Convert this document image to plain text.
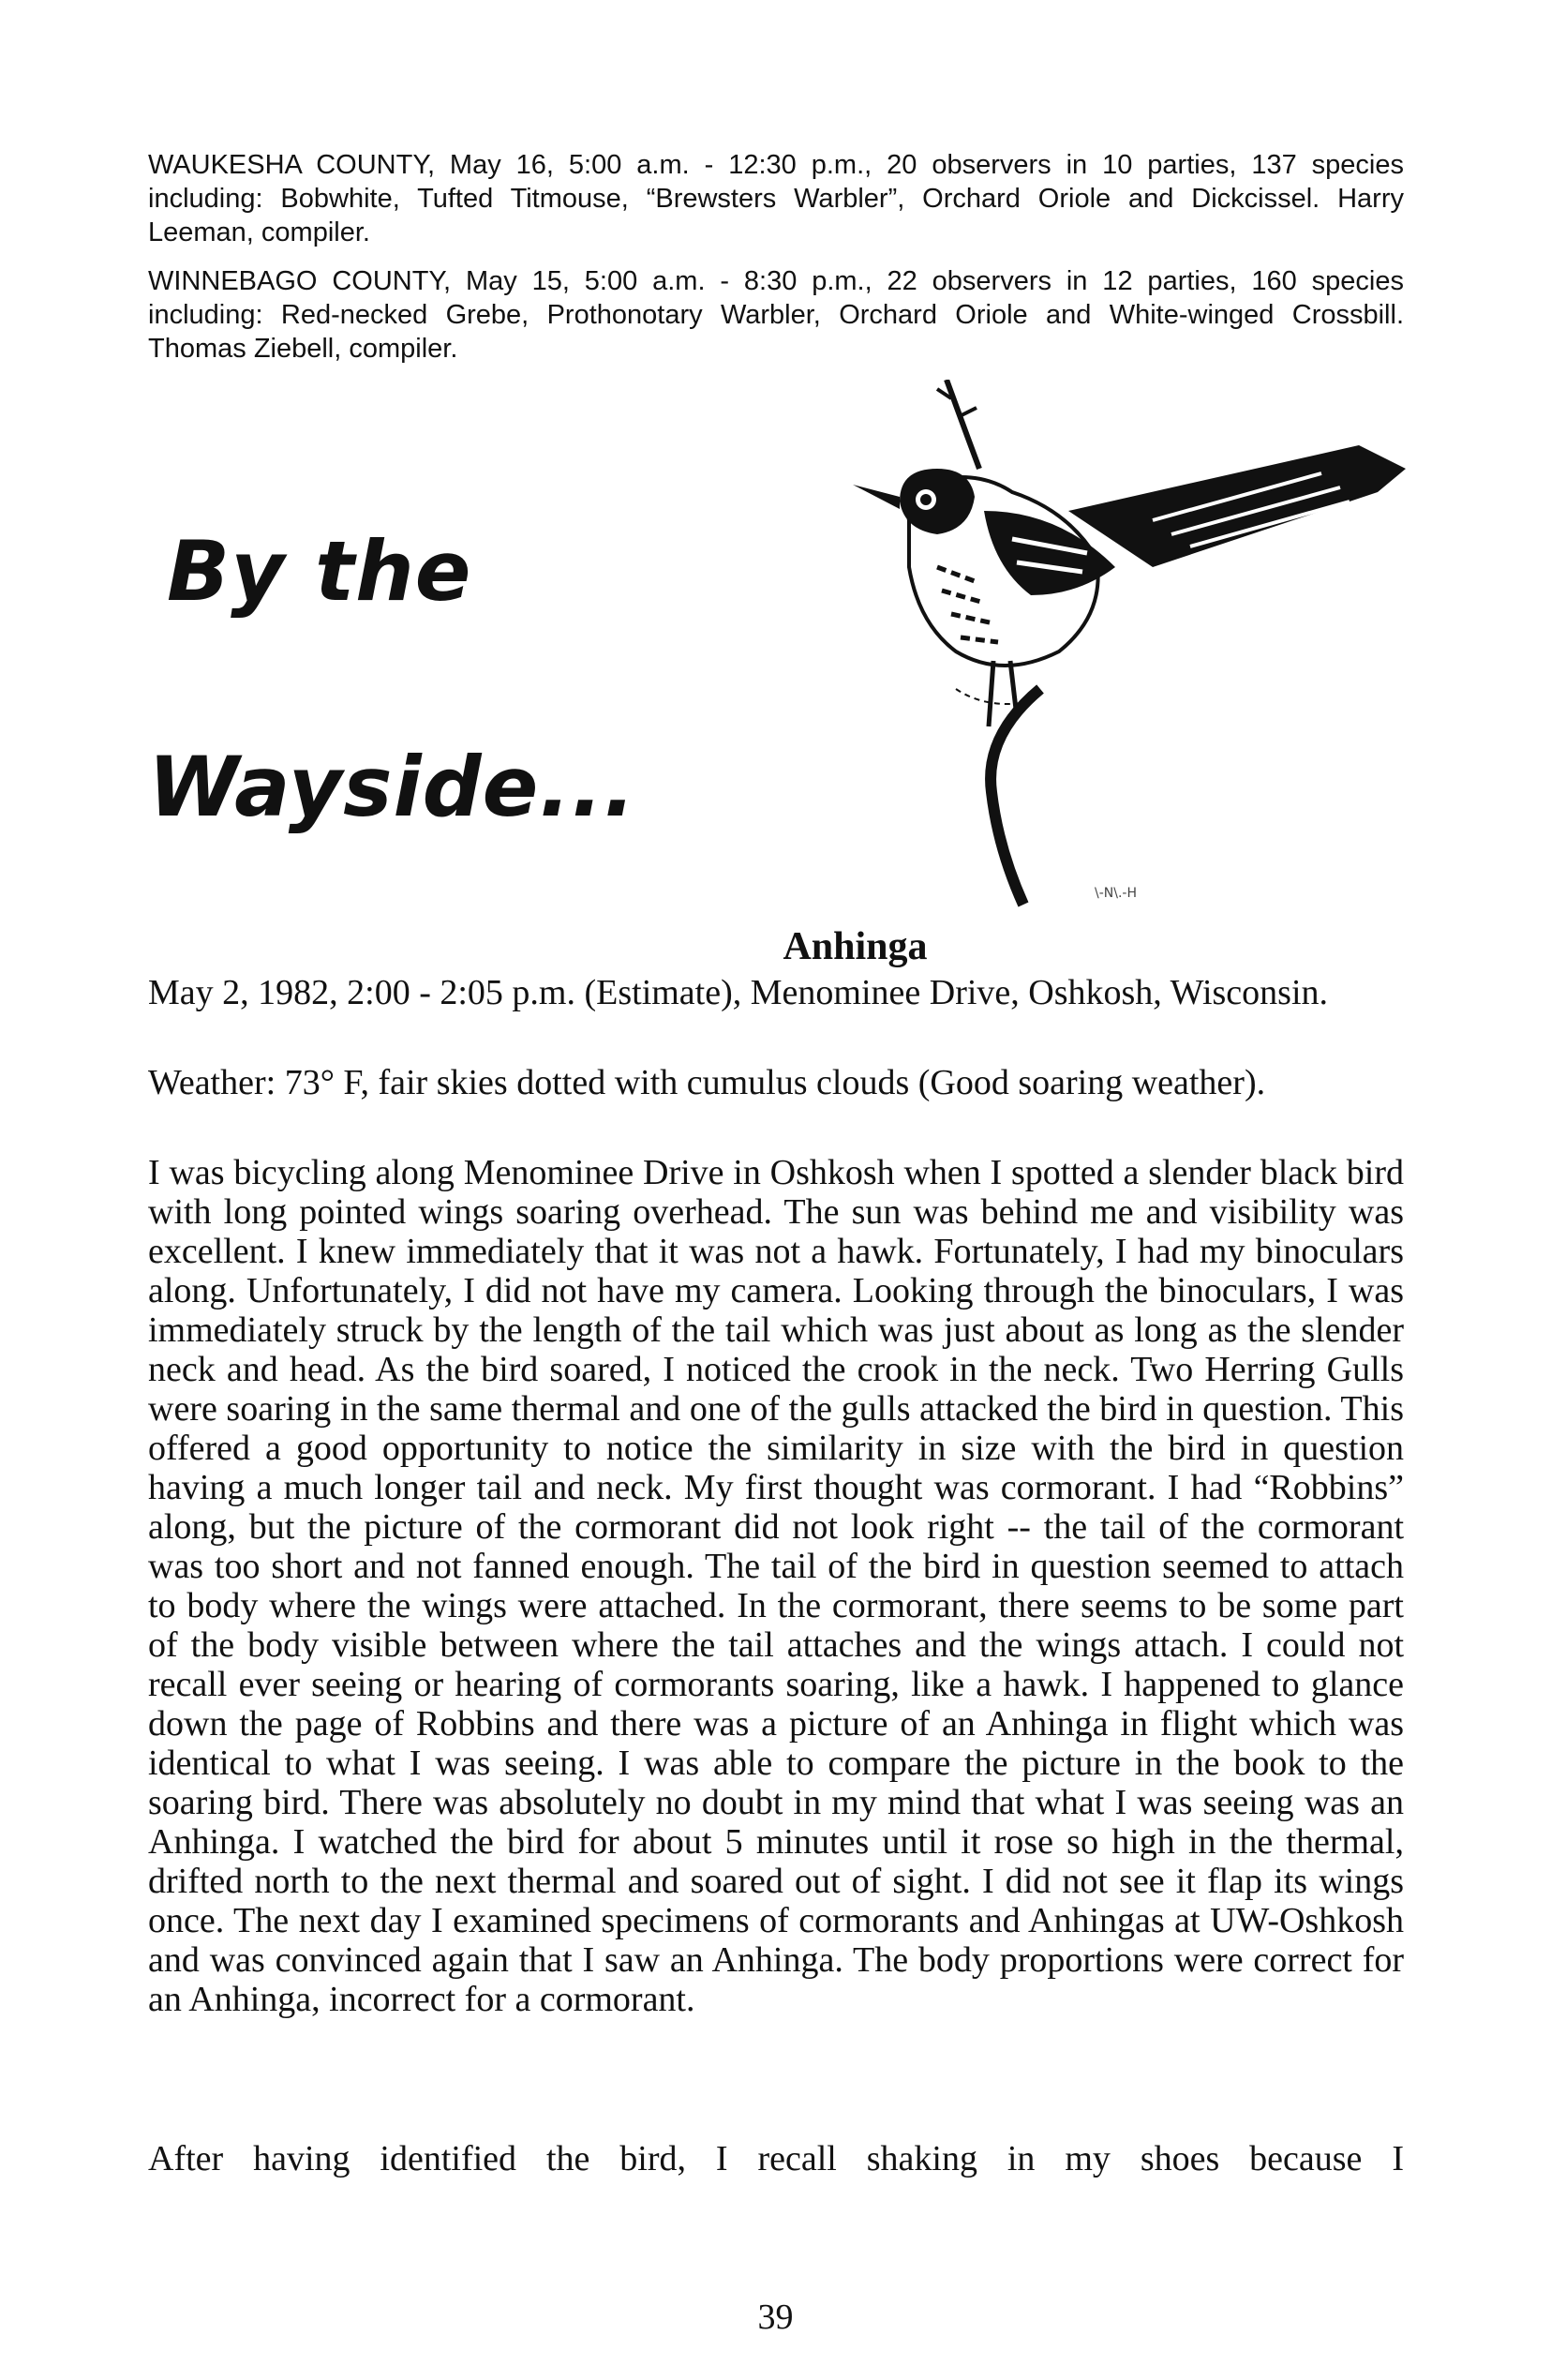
WAUKESHA COUNTY, May 16, 5:00 a.m. - 12:30 p.m., 20 observers in 10 parties, 137 species including: Bobwhite, Tufted Titmouse, “Brewsters Warbler”, Orchard Oriole and Dickcissel. Harry Leeman, compiler.

WINNEBAGO COUNTY, May 15, 5:00 a.m. - 8:30 p.m., 22 observers in 12 parties, 160 species including: Red-necked Grebe, Prothonotary Warbler, Orchard Oriole and White-winged Crossbill. Thomas Ziebell, compiler.

By the
Wayside...
\-N\.-H
Anhinga

May 2, 1982, 2:00 - 2:05 p.m. (Estimate), Menominee Drive, Oshkosh, Wisconsin.

Weather: 73° F, fair skies dotted with cumulus clouds (Good soaring weather).

I was bicycling along Menominee Drive in Oshkosh when I spotted a slender black bird with long pointed wings soaring overhead. The sun was behind me and visibility was excellent. I knew immediately that it was not a hawk. Fortunately, I had my binoculars along. Unfortunately, I did not have my camera. Looking through the binoculars, I was immediately struck by the length of the tail which was just about as long as the slender neck and head. As the bird soared, I noticed the crook in the neck. Two Herring Gulls were soaring in the same thermal and one of the gulls attacked the bird in question. This offered a good opportunity to notice the similarity in size with the bird in question having a much longer tail and neck. My first thought was cormorant. I had “Robbins” along, but the picture of the cormorant did not look right -- the tail of the cormorant was too short and not fanned enough. The tail of the bird in question seemed to attach to body where the wings were attached. In the cormorant, there seems to be some part of the body visible between where the tail attaches and the wings attach. I could not recall ever seeing or hearing of cormorants soaring, like a hawk. I happened to glance down the page of Robbins and there was a picture of an Anhinga in flight which was identical to what I was seeing. I was able to compare the picture in the book to the soaring bird. There was absolutely no doubt in my mind that what I was seeing was an Anhinga. I watched the bird for about 5 minutes until it rose so high in the thermal, drifted north to the next thermal and soared out of sight. I did not see it flap its wings once. The next day I examined specimens of cormorants and Anhingas at UW-Oshkosh and was convinced again that I saw an Anhinga. The body proportions were correct for an Anhinga, incorrect for a cormorant.

After having identified the bird, I recall shaking in my shoes because I

39
